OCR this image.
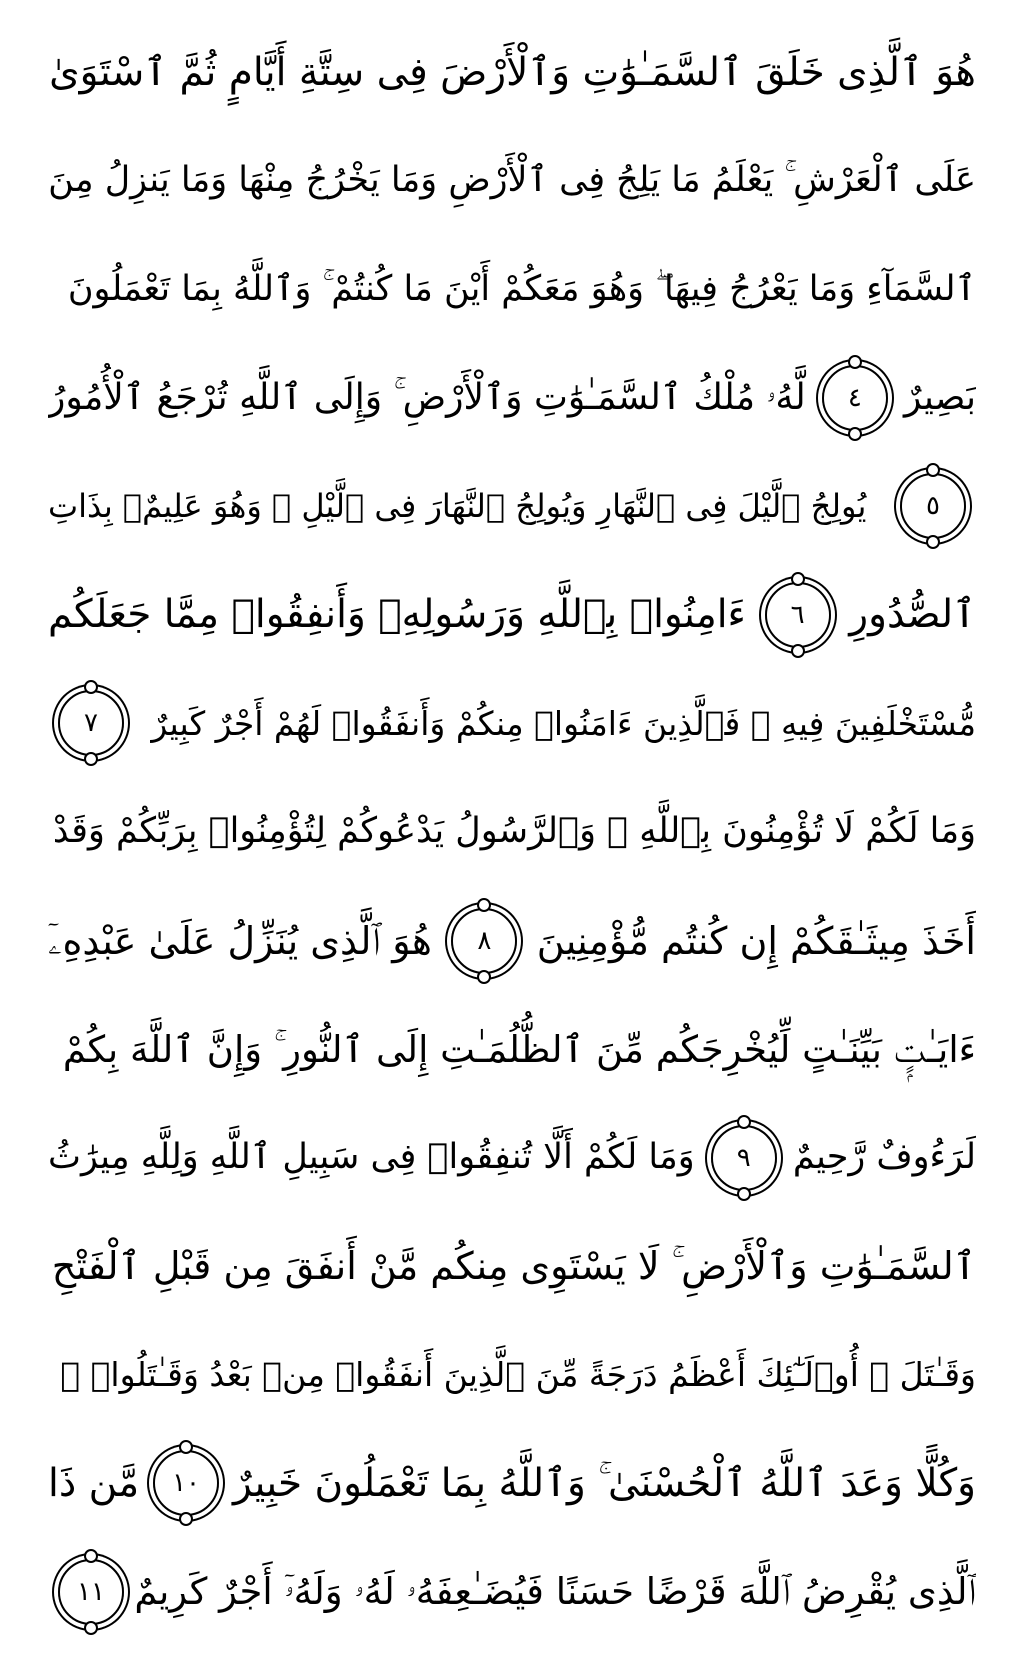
هُوَ ٱلَّذِى خَلَقَ ٱلسَّمَـٰوَٰتِ وَٱلْأَرْضَ فِى سِتَّةِ أَيَّامٍ ثُمَّ ٱسْتَوَىٰ
عَلَى ٱلْعَرْشِ ۚ يَعْلَمُ مَا يَلِجُ فِى ٱلْأَرْضِ وَمَا يَخْرُجُ مِنْهَا وَمَا يَنزِلُ مِنَ
ٱلسَّمَآءِ وَمَا يَعْرُجُ فِيهَا ۖ وَهُوَ مَعَكُمْ أَيْنَ مَا كُنتُمْ ۚ وَٱللَّهُ بِمَا تَعْمَلُونَ
بَصِيرٌ
٤
لَّهُۥ مُلْكُ ٱلسَّمَـٰوَٰتِ وَٱلْأَرْضِ ۚ وَإِلَى ٱللَّهِ تُرْجَعُ ٱلْأُمُورُ
٥
يُولِجُ ٱلَّيْلَ فِى ٱلنَّهَارِ وَيُولِجُ ٱلنَّهَارَ فِى ٱلَّيْلِ ۚ وَهُوَ عَلِيمٌۢ بِذَاتِ
ٱلصُّدُورِ
٦
ءَامِنُوا۟ بِٱللَّهِ وَرَسُولِهِۦ وَأَنفِقُوا۟ مِمَّا جَعَلَكُم
مُّسْتَخْلَفِينَ فِيهِ ۖ فَٱلَّذِينَ ءَامَنُوا۟ مِنكُمْ وَأَنفَقُوا۟ لَهُمْ أَجْرٌ كَبِيرٌ
٧
وَمَا لَكُمْ لَا تُؤْمِنُونَ بِٱللَّهِ ۙ وَٱلرَّسُولُ يَدْعُوكُمْ لِتُؤْمِنُوا۟ بِرَبِّكُمْ وَقَدْ
أَخَذَ مِيثَـٰقَكُمْ إِن كُنتُم مُّؤْمِنِينَ
٨
هُوَ ٱلَّذِى يُنَزِّلُ عَلَىٰ عَبْدِهِۦٓ
ءَايَـٰتٍۭ بَيِّنَـٰتٍ لِّيُخْرِجَكُم مِّنَ ٱلظُّلُمَـٰتِ إِلَى ٱلنُّورِ ۚ وَإِنَّ ٱللَّهَ بِكُمْ
لَرَءُوفٌ رَّحِيمٌ
٩
وَمَا لَكُمْ أَلَّا تُنفِقُوا۟ فِى سَبِيلِ ٱللَّهِ وَلِلَّهِ مِيرَٰثُ
ٱلسَّمَـٰوَٰتِ وَٱلْأَرْضِ ۚ لَا يَسْتَوِى مِنكُم مَّنْ أَنفَقَ مِن قَبْلِ ٱلْفَتْحِ
وَقَـٰتَلَ ۚ أُو۟لَـٰٓئِكَ أَعْظَمُ دَرَجَةً مِّنَ ٱلَّذِينَ أَنفَقُوا۟ مِنۢ بَعْدُ وَقَـٰتَلُوا۟ ۚ
وَكُلًّا وَعَدَ ٱللَّهُ ٱلْحُسْنَىٰ ۚ وَٱللَّهُ بِمَا تَعْمَلُونَ خَبِيرٌ
١٠
مَّن ذَا
ٱلَّذِى يُقْرِضُ ٱللَّهَ قَرْضًا حَسَنًا فَيُضَـٰعِفَهُۥ لَهُۥ وَلَهُۥٓ أَجْرٌ كَرِيمٌ
١١
